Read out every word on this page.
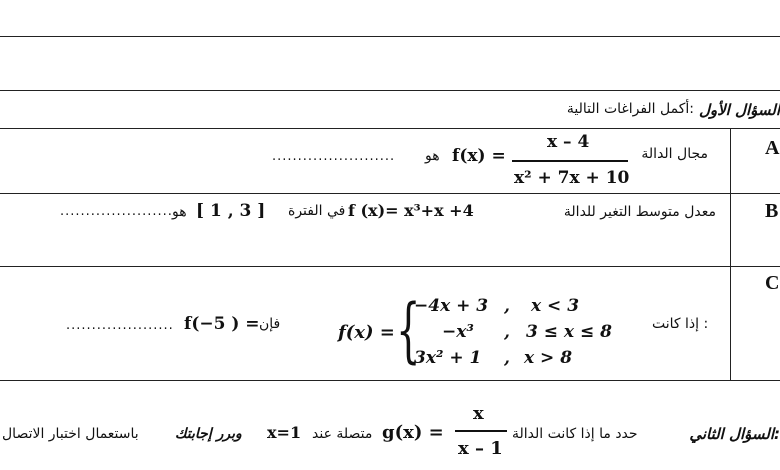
السؤال الأول
أكمل الفراغات التالية:
A
مجال الدالة
x – 4
x² + 7x + 10
f(x) =
هو
........................
B
معدل متوسط التغير للدالة
f (x)= x³+x +4
في الفترة
[ 1 , 3 ]
هو
......................
C
إذا كانت :
f(x) = {
−4x + 3 , x < 3
−x³ , 3 ≤ x ≤ 8
3x² + 1 , x > 8
فإن
f(−5 ) =
.....................
السؤال الثاني:
حدد ما إذا كانت الدالة
x
x – 1
g(x) =
متصلة عند
x=1
وبرر إجابتك
باستعمال اختبار الاتصال
